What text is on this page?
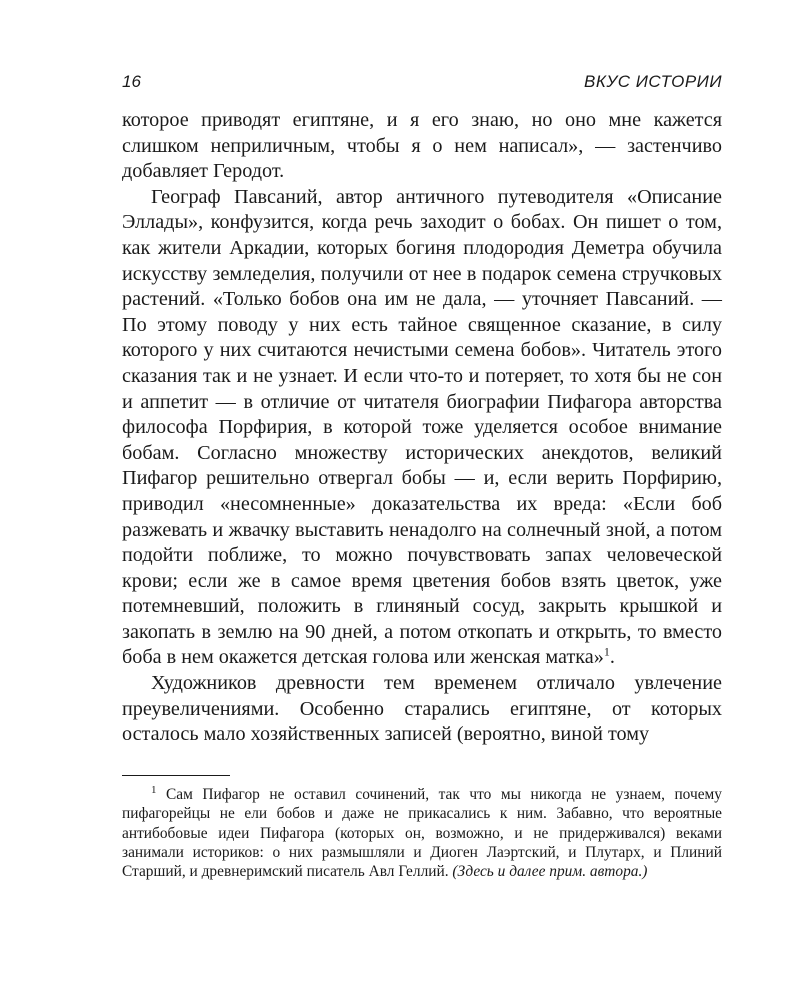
16	ВКУС ИСТОРИИ

которое приводят египтяне, и я его знаю, но оно мне кажется слишком неприличным, чтобы я о нем написал», — застенчиво добавляет Геродот.

Географ Павсаний, автор античного путеводителя «Описание Эллады», конфузится, когда речь заходит о бобах. Он пишет о том, как жители Аркадии, которых богиня плодородия Деметра обучила искусству земледелия, получили от нее в подарок семена стручковых растений. «Только бобов она им не дала, — уточняет Павсаний. — По этому поводу у них есть тайное священное сказание, в силу которого у них считаются нечистыми семена бобов». Читатель этого сказания так и не узнает. И если что-то и потеряет, то хотя бы не сон и аппетит — в отличие от читателя биографии Пифагора авторства философа Порфирия, в которой тоже уделяется особое внимание бобам. Согласно множеству исторических анекдотов, великий Пифагор решительно отвергал бобы — и, если верить Порфирию, приводил «несомненные» доказательства их вреда: «Если боб разжевать и жвачку выставить ненадолго на солнечный зной, а потом подойти поближе, то можно почувствовать запах человеческой крови; если же в самое время цветения бобов взять цветок, уже потемневший, положить в глиняный сосуд, закрыть крышкой и закопать в землю на 90 дней, а потом откопать и открыть, то вместо боба в нем окажется детская голова или женская матка»$^1$.

Художников древности тем временем отличало увлечение преувеличениями. Особенно старались египтяне, от которых осталось мало хозяйственных записей (вероятно, виной тому

$^1$ Сам Пифагор не оставил сочинений, так что мы никогда не узнаем, почему пифагорейцы не ели бобов и даже не прикасались к ним. Забавно, что вероятные антибобовые идеи Пифагора (которых он, возможно, и не придерживался) веками занимали историков: о них размышляли и Диоген Лаэртский, и Плутарх, и Плиний Старший, и древнеримский писатель Авл Геллий. (Здесь и далее прим. автора.)
